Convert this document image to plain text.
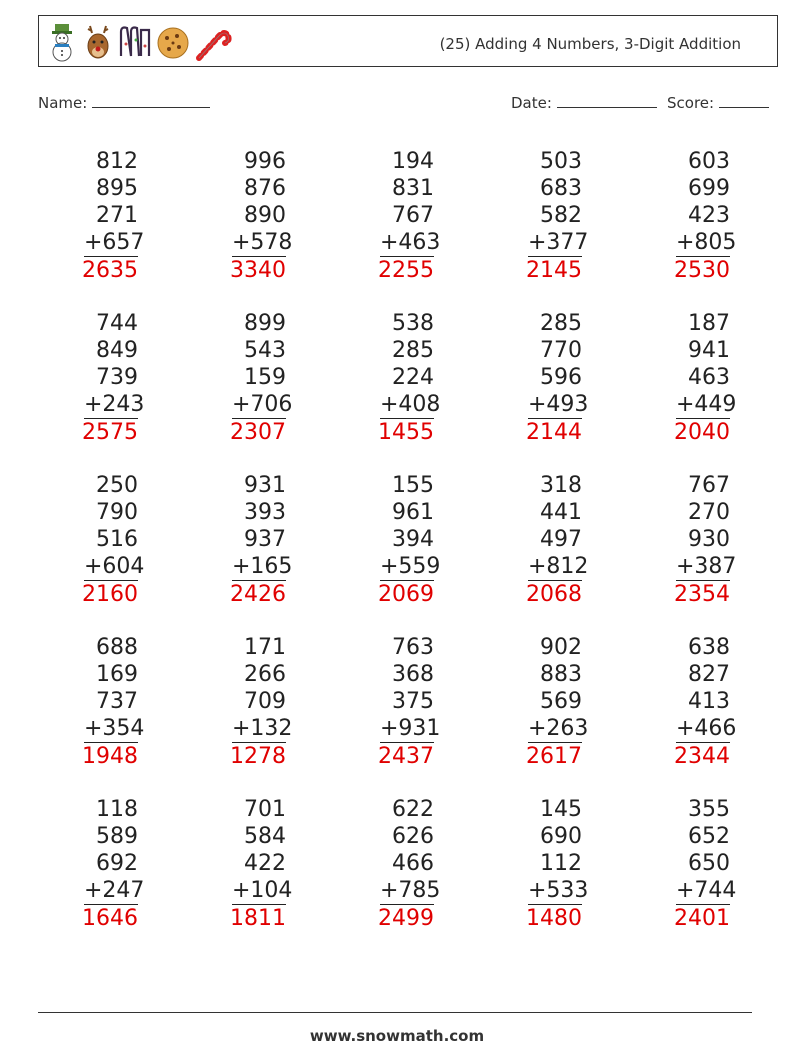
(25) Adding 4 Numbers, 3-Digit Addition
Name:	Date:	Score:
812
895
271
+657
2635
996
876
890
+578
3340
194
831
767
+463
2255
503
683
582
+377
2145
603
699
423
+805
2530
744
849
739
+243
2575
899
543
159
+706
2307
538
285
224
+408
1455
285
770
596
+493
2144
187
941
463
+449
2040
250
790
516
+604
2160
931
393
937
+165
2426
155
961
394
+559
2069
318
441
497
+812
2068
767
270
930
+387
2354
688
169
737
+354
1948
171
266
709
+132
1278
763
368
375
+931
2437
902
883
569
+263
2617
638
827
413
+466
2344
118
589
692
+247
1646
701
584
422
+104
1811
622
626
466
+785
2499
145
690
112
+533
1480
355
652
650
+744
2401
www.snowmath.com
